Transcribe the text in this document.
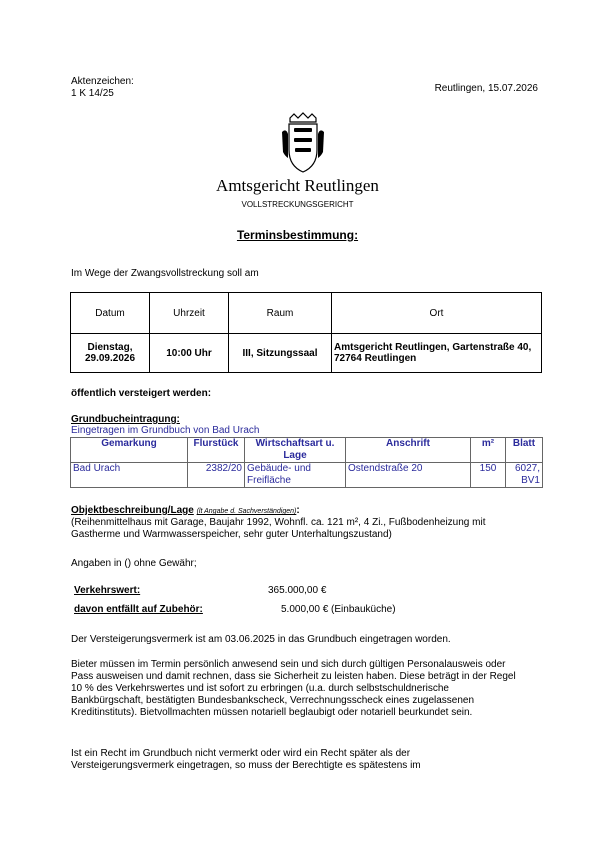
Aktenzeichen:
1 K 14/25	Reutlingen, 15.07.2026
Amtsgericht Reutlingen
VOLLSTRECKUNGSGERICHT
Terminsbestimmung:
Im Wege der Zwangsvollstreckung soll am
Datum	Uhrzeit	Raum	Ort

Dienstag,
29.09.2026	10:00 Uhr	III, Sitzungssaal	Amtsgericht Reutlingen, Gartenstraße 40, 72764 Reutlingen
öffentlich versteigert werden:
Grundbucheintragung:
Eingetragen im Grundbuch von Bad Urach
Gemarkung	Flurstück	Wirtschaftsart u. Lage	Anschrift	m²	Blatt
Bad Urach	2382/20	Gebäude- und Freifläche	Ostendstraße 20	150	6027, BV1
Objektbeschreibung/Lage (lt Angabe d. Sachverständigen):
(Reihenmittelhaus mit Garage, Baujahr 1992, Wohnfl. ca. 121 m², 4 Zi., Fußbodenheizung mit Gastherme und Warmwasserspeicher, sehr guter Unterhaltungszustand)
Angaben in () ohne Gewähr;
Verkehrswert:	365.000,00 €
davon entfällt auf Zubehör:	5.000,00 € (Einbauküche)
Der Versteigerungsvermerk ist am 03.06.2025 in das Grundbuch eingetragen worden.
Bieter müssen im Termin persönlich anwesend sein und sich durch gültigen Personalausweis oder Pass ausweisen und damit rechnen, dass sie Sicherheit zu leisten haben. Diese beträgt in der Regel 10 % des Verkehrswertes und ist sofort zu erbringen (u.a. durch selbstschuldnerische Bankbürgschaft, bestätigten Bundesbankscheck, Verrechnungsscheck eines zugelassenen Kreditinstituts). Bietvollmachten müssen notariell beglaubigt oder notariell beurkundet sein.
Ist ein Recht im Grundbuch nicht vermerkt oder wird ein Recht später als der Versteigerungsvermerk eingetragen, so muss der Berechtigte es spätestens im
